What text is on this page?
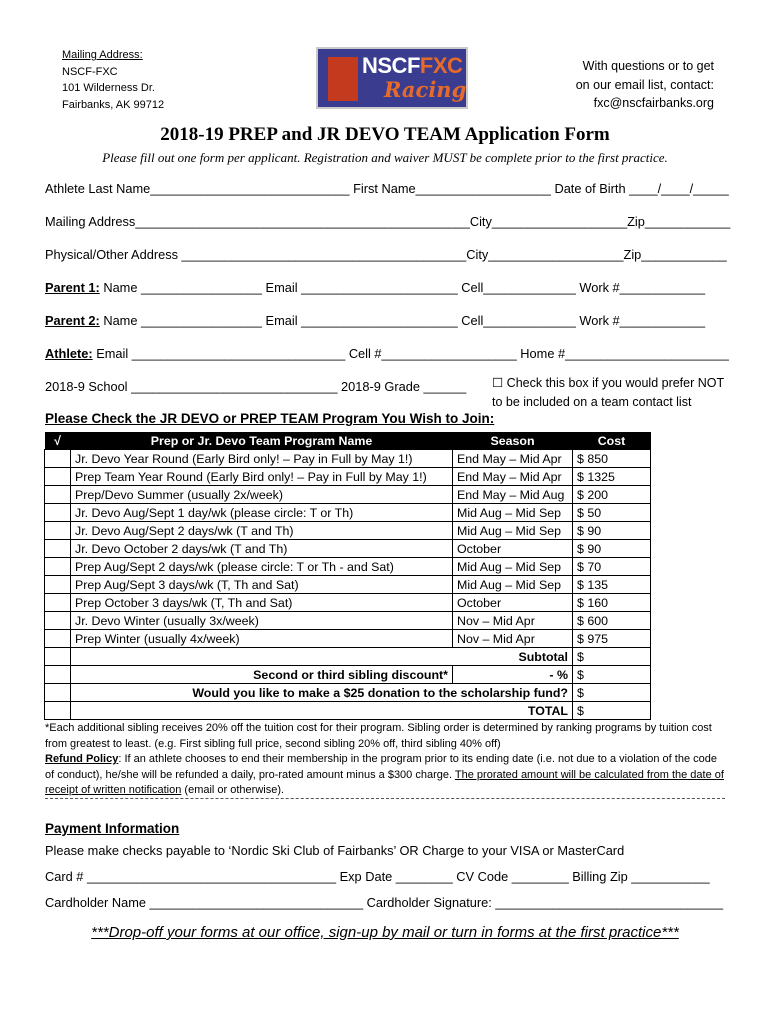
Mailing Address:
NSCF-FXC
101 Wilderness Dr.
Fairbanks, AK 99712
NSCFFXC
Racing
With questions or to get
on our email list, contact:
fxc@nscfairbanks.org
2018-19 PREP and JR DEVO TEAM Application Form
Please fill out one form per applicant. Registration and waiver MUST be complete prior to the first practice.
Athlete Last Name____________________________ First Name___________________ Date of Birth ____/____/_____
Mailing Address_______________________________________________City___________________Zip____________
Physical/Other Address ________________________________________City___________________Zip____________
Parent 1: Name _________________ Email ______________________ Cell_____________ Work #____________
Parent 2: Name _________________ Email ______________________ Cell_____________ Work #____________
Athlete: Email ______________________________ Cell #___________________ Home #_______________________
2018-9 School _____________________________ 2018-9 Grade ______ ☐ Check this box if you would prefer NOT
to be included on a team contact list
Please Check the JR DEVO or PREP TEAM Program You Wish to Join:
√	Prep or Jr. Devo Team Program Name	Season	Cost
	Jr. Devo Year Round (Early Bird only! – Pay in Full by May 1!)	End May – Mid Apr	$ 850
	Prep Team Year Round (Early Bird only! – Pay in Full by May 1!)	End May – Mid Apr	$ 1325
	Prep/Devo Summer (usually 2x/week)	End May – Mid Aug	$ 200
	Jr. Devo Aug/Sept 1 day/wk (please circle: T or Th)	Mid Aug – Mid Sep	$ 50
	Jr. Devo Aug/Sept 2 days/wk (T and Th)	Mid Aug – Mid Sep	$ 90
	Jr. Devo October 2 days/wk (T and Th)	October	$ 90
	Prep Aug/Sept 2 days/wk (please circle: T or Th - and Sat)	Mid Aug – Mid Sep	$ 70
	Prep Aug/Sept 3 days/wk (T, Th and Sat)	Mid Aug – Mid Sep	$ 135
	Prep October 3 days/wk (T, Th and Sat)	October	$ 160
	Jr. Devo Winter (usually 3x/week)	Nov – Mid Apr	$ 600
	Prep Winter (usually 4x/week)	Nov – Mid Apr	$ 975
	Subtotal		$
	Second or third sibling discount*	- %	$
	Would you like to make a $25 donation to the scholarship fund?		$
	TOTAL		$
*Each additional sibling receives 20% off the tuition cost for their program. Sibling order is determined by ranking programs by tuition cost from greatest to least. (e.g. First sibling full price, second sibling 20% off, third sibling 40% off)
Refund Policy: If an athlete chooses to end their membership in the program prior to its ending date (i.e. not due to a violation of the code of conduct), he/she will be refunded a daily, pro-rated amount minus a $300 charge. The prorated amount will be calculated from the date of receipt of written notification (email or otherwise).
Payment Information
Please make checks payable to ‘Nordic Ski Club of Fairbanks’ OR Charge to your VISA or MasterCard
Card # ___________________________________ Exp Date ________ CV Code ________ Billing Zip ___________
Cardholder Name ______________________________ Cardholder Signature: ________________________________
***Drop-off your forms at our office, sign-up by mail or turn in forms at the first practice***
